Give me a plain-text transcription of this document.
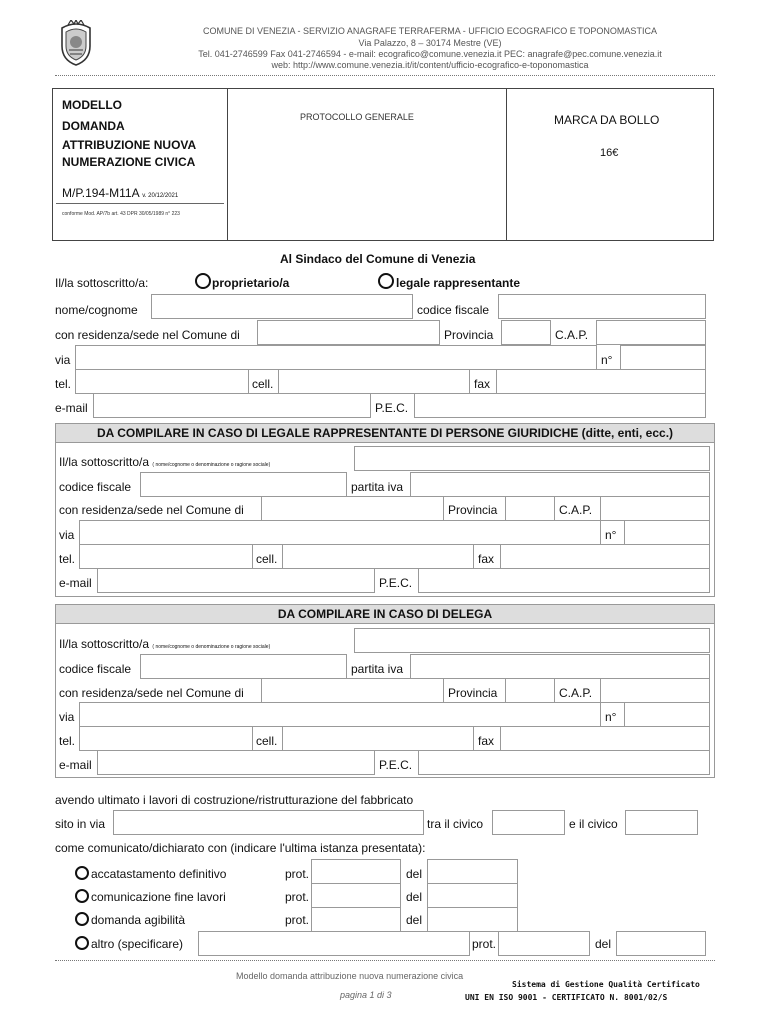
COMUNE DI VENEZIA - SERVIZIO ANAGRAFE TERRAFERMA - UFFICIO ECOGRAFICO E TOPONOMASTICA
Via Palazzo, 8 – 30174 Mestre (VE)
Tel. 041-2746599 Fax 041-2746594 - e-mail: ecografico@comune.venezia.it PEC: anagrafe@pec.comune.venezia.it
web: http://www.comune.venezia.it/it/content/ufficio-ecografico-e-toponomastica
MODELLO
DOMANDA
ATTRIBUZIONE NUOVA
NUMERAZIONE CIVICA
M/P.194-M11A v. 20/12/2021
conforme Mod. AP/7b art. 43 DPR 30/05/1989 n° 223
PROTOCOLLO GENERALE	MARCA DA BOLLO
16€
Al Sindaco del Comune di Venezia
Il/la sottoscritto/a:	proprietario/a	legale rappresentante
nome/cognome	codice fiscale
con residenza/sede nel Comune di	Provincia	C.A.P.
via	n°
tel.	cell.	fax
e-mail	P.E.C.
DA COMPILARE IN CASO DI LEGALE RAPPRESENTANTE DI PERSONE GIURIDICHE (ditte, enti, ecc.)
Il/la sottoscritto/a ( nome/cognome o denominazione o ragione sociale)
codice fiscale	partita iva
con residenza/sede nel Comune di	Provincia	C.A.P.
via	n°
tel.	cell.	fax
e-mail	P.E.C.
DA COMPILARE IN CASO DI DELEGA
Il/la sottoscritto/a ( nome/cognome o denominazione o ragione sociale)
codice fiscale	partita iva
con residenza/sede nel Comune di	Provincia	C.A.P.
via	n°
tel.	cell.	fax
e-mail	P.E.C.
avendo ultimato i lavori di costruzione/ristrutturazione del fabbricato
sito in via	tra il civico	e il civico
come comunicato/dichiarato con (indicare l'ultima istanza presentata):
accatastamento definitivo	prot.	del
comunicazione fine lavori	prot.	del
domanda agibilità	prot.	del
altro (specificare)	prot.	del
Modello domanda attribuzione nuova numerazione civica
pagina 1 di 3
Sistema di Gestione Qualità Certificato
UNI EN ISO 9001 - CERTIFICATO N. 8001/02/S
